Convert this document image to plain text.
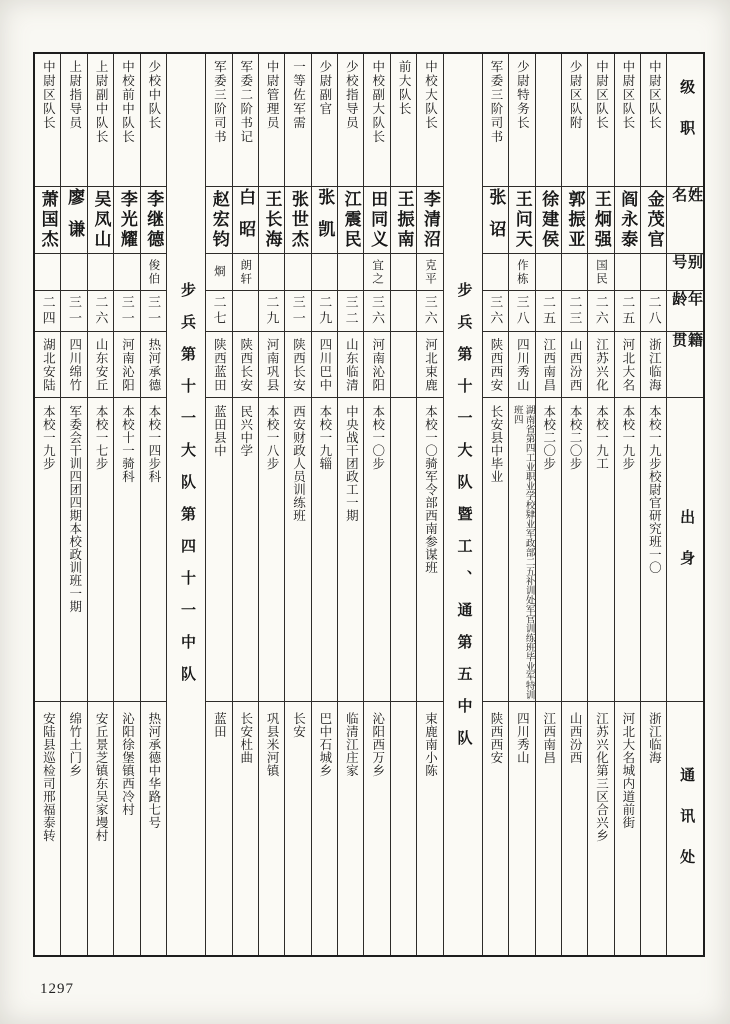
级职
姓名
别号
年龄
籍贯
出身
通讯处
中尉区队长
金茂官
二八
浙江临海
本校一九步校尉官研究班一〇
浙江临海
中尉区队长
阎永泰
二五
河北大名
本校一九步
河北大名城内道前街
中尉区队长
王炯强
国民
二六
江苏兴化
本校一九工
江苏兴化第三区合兴乡
少尉区队附
郭振亚
二三
山西汾西
本校二〇步
山西汾西
徐建侯
二五
江西南昌
本校二〇步
江西南昌
少尉特务长
王问天
作栋
三八
四川秀山
湖南省第四工业职业学校肄业军政部二五补训处军官训练班毕业军特训班四
四川秀山
军委三阶司书
张诏
三六
陕西西安
长安县中毕业
陕西西安
步兵第十一大队暨工、通第五中队
中校大队长
李清沼
克平
三六
河北束鹿
本校一〇骑军令部西南参谋班
束鹿南小陈
前大队长
王振南
中校副大队长
田同义
宜之
三六
河南沁阳
本校一〇步
沁阳西万乡
少校指导员
江震民
三二
山东临清
中央战干团政工一期
临清江庄家
少尉副官
张凯
二九
四川巴中
本校一九辎
巴中石城乡
一等佐军需
张世杰
三一
陕西长安
西安财政人员训练班
长安
中尉管理员
王长海
二九
河南巩县
本校一八步
巩县米河镇
军委二阶书记
白昭
朗轩
陕西长安
民兴中学
长安杜曲
军委三阶司书
赵宏钧
烱
二七
陕西蓝田
蓝田县中
蓝田
步兵第十一大队第四十一中队
少校中队长
李继德
俊伯
三一
热河承德
本校一四步科
热河承德中华路七号
中校前中队长
李光耀
三一
河南沁阳
本校十一骑科
沁阳徐堡镇西冷村
上尉副中队长
吴凤山
二六
山东安丘
本校一七步
安丘景芝镇东吴家墁村
上尉指导员
廖谦
三一
四川绵竹
军委会干训四团四期本校政训班一期
绵竹土门乡
中尉区队长
萧国杰
二四
湖北安陆
本校一九步
安陆县巡检司邢福泰转
1297
